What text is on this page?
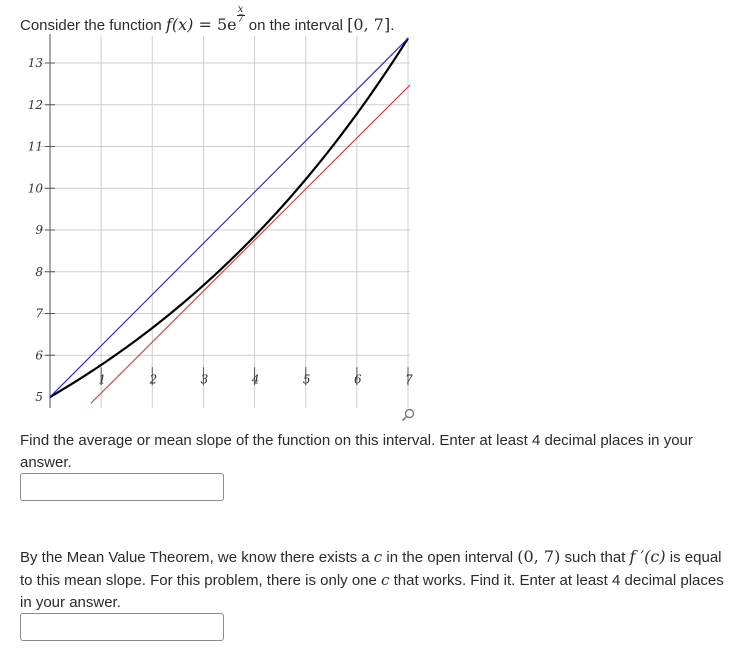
Consider the function $f(x) = 5e \frac{x}{7}$
on the interval [0, 7].
5
6
7
8
9
10
11
12
13
1	2	3	4	5	6	7
Find the average or mean slope of the function on this interval. Enter at least 4 decimal places in your answer.
By the Mean Value Theorem, we know there exists a c in the open interval (0, 7) such that f ′(c) is equal to this mean slope. For this problem, there is only one c that works. Find it. Enter at least 4 decimal places in your answer.
